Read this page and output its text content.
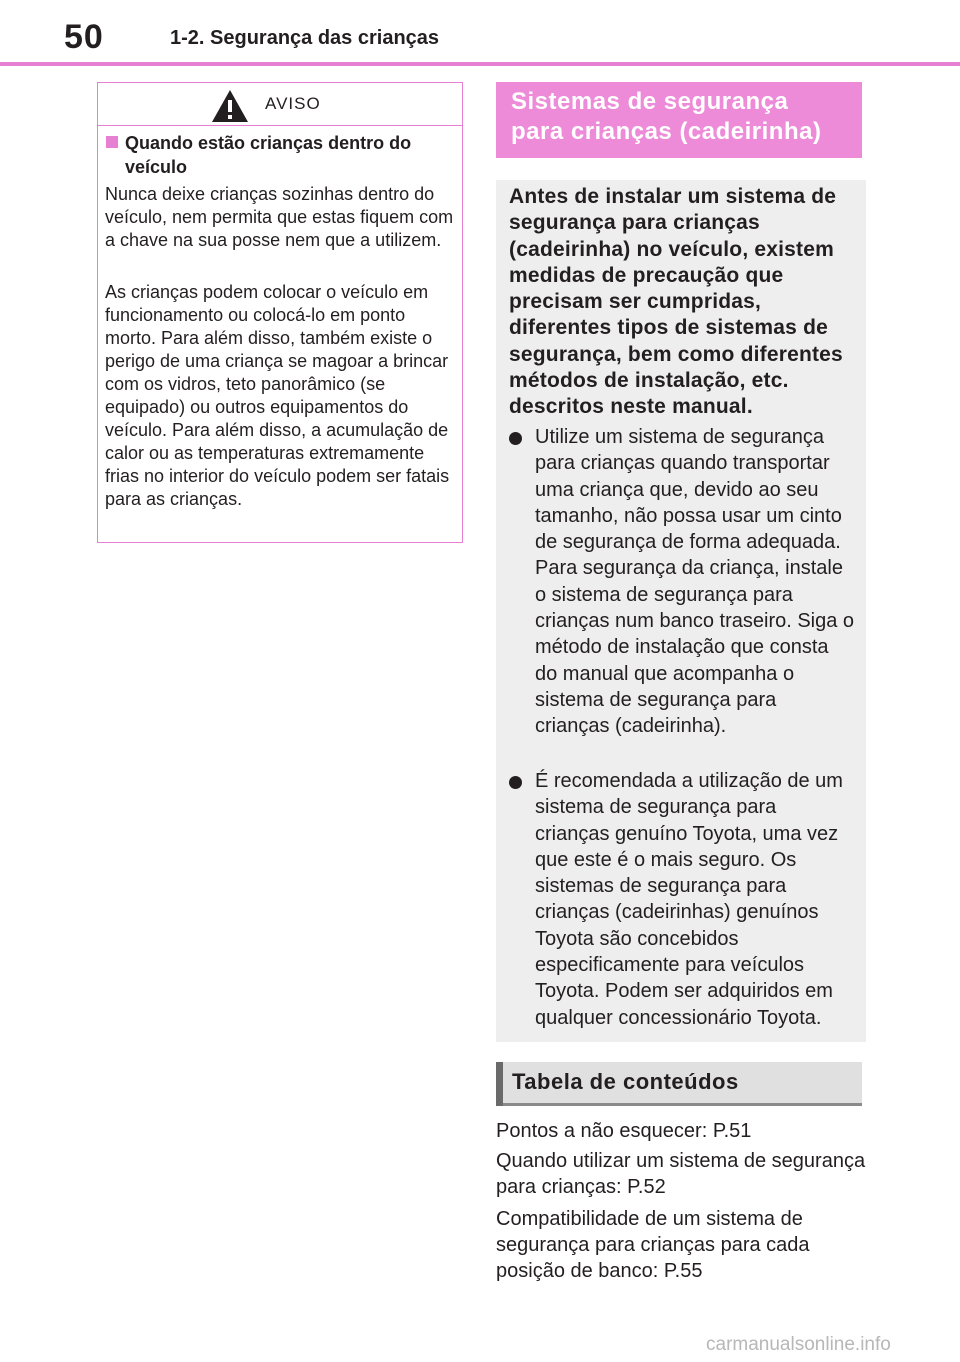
50	1-2. Segurança das crianças
AVISO
Quando estão crianças dentro do veículo
Nunca deixe crianças sozinhas dentro do veículo, nem permita que estas fiquem com a chave na sua posse nem que a utilizem.
As crianças podem colocar o veículo em funcionamento ou colocá-lo em ponto morto. Para além disso, também existe o perigo de uma criança se magoar a brincar com os vidros, teto panorâmico (se equipado) ou outros equipamentos do veículo. Para além disso, a acumulação de calor ou as temperaturas extremamente frias no interior do veículo podem ser fatais para as crianças.
Sistemas de segurança
para crianças (cadeirinha)
Antes de instalar um sistema de segurança para crianças (cadeirinha) no veículo, existem medidas de precaução que precisam ser cumpridas, diferentes tipos de sistemas de segurança, bem como diferentes métodos de instalação, etc. descritos neste manual.
Utilize um sistema de segurança para crianças quando transportar uma criança que, devido ao seu tamanho, não possa usar um cinto de segurança de forma adequada. Para segurança da criança, instale o sistema de segurança para crianças num banco traseiro. Siga o método de instalação que consta do manual que acompanha o sistema de segurança para crianças (cadeirinha).
É recomendada a utilização de um sistema de segurança para crianças genuíno Toyota, uma vez que este é o mais seguro. Os sistemas de segurança para crianças (cadeirinhas) genuínos Toyota são concebidos especificamente para veículos Toyota. Podem ser adquiridos em qualquer concessionário Toyota.
Tabela de conteúdos
Pontos a não esquecer: P.51
Quando utilizar um sistema de segurança para crianças: P.52
Compatibilidade de um sistema de segurança para crianças para cada posição de banco: P.55
carmanualsonline.info
